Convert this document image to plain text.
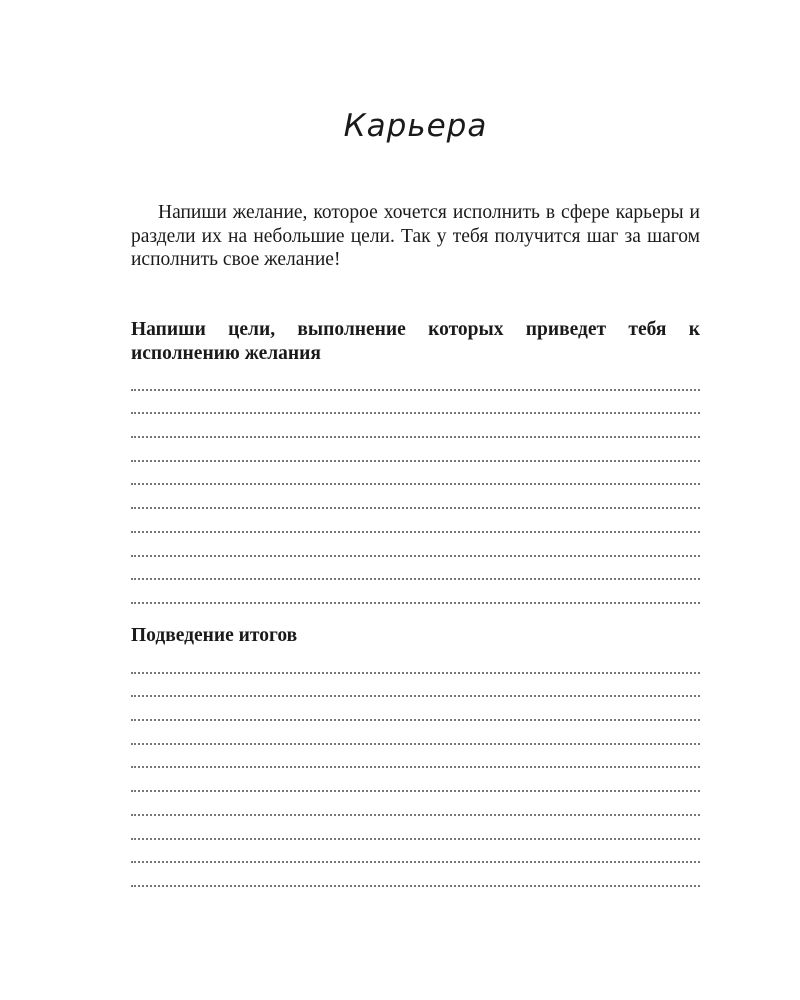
Карьера

Напиши желание, которое хочется исполнить в сфере карьеры и раздели их на небольшие цели. Так у тебя получится шаг за шагом исполнить свое желание!

Напиши цели, выполнение которых приведет тебя к исполнению желания

Подведение итогов
